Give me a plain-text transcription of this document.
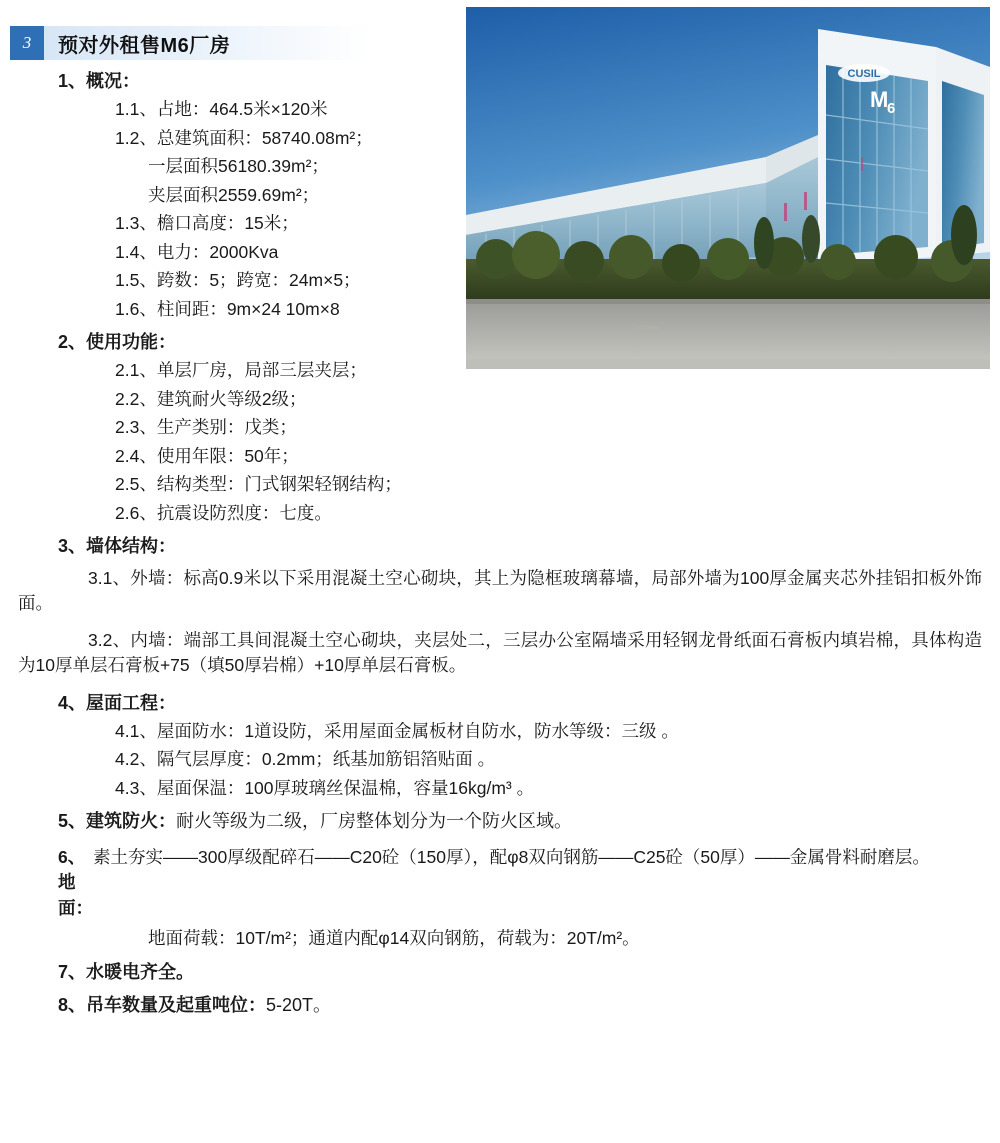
3	预对外租售M6厂房
CUSIL
M
6
1、概况：
1.1、占地：464.5米×120米
1.2、总建筑面积：58740.08m²；
一层面积56180.39m²；
夹层面积2559.69m²；
1.3、檐口高度：15米；
1.4、电力：2000Kva
1.5、跨数：5；跨宽：24m×5；
1.6、柱间距：9m×24 10m×8
2、使用功能：
2.1、单层厂房，局部三层夹层；
2.2、建筑耐火等级2级；
2.3、生产类别：戊类；
2.4、使用年限：50年；
2.5、结构类型：门式钢架轻钢结构；
2.6、抗震设防烈度：七度。
3、墙体结构：
3.1、外墙：标高0.9米以下采用混凝土空心砌块，其上为隐框玻璃幕墙，局部外墙为100厚金属夹芯外挂铝扣板外饰面。
3.2、内墙：端部工具间混凝土空心砌块，夹层处二，三层办公室隔墙采用轻钢龙骨纸面石膏板内填岩棉，具体构造为10厚单层石膏板+75（填50厚岩棉）+10厚单层石膏板。
4、屋面工程：
4.1、屋面防水：1道设防，采用屋面金属板材自防水，防水等级：三级 。
4.2、隔气层厚度：0.2mm；纸基加筋铝箔贴面 。
4.3、屋面保温：100厚玻璃丝保温棉，容量16kg/m³ 。
5、建筑防火：耐火等级为二级，厂房整体划分为一个防火区域。
6、地面：
素土夯实——300厚级配碎石——C20砼（150厚），配φ8双向钢筋——C25砼（50厚）——金属骨料耐磨层。
地面荷载：10T/m²；通道内配φ14双向钢筋，荷载为：20T/m²。
7、水暖电齐全。
8、吊车数量及起重吨位：5-20T。
